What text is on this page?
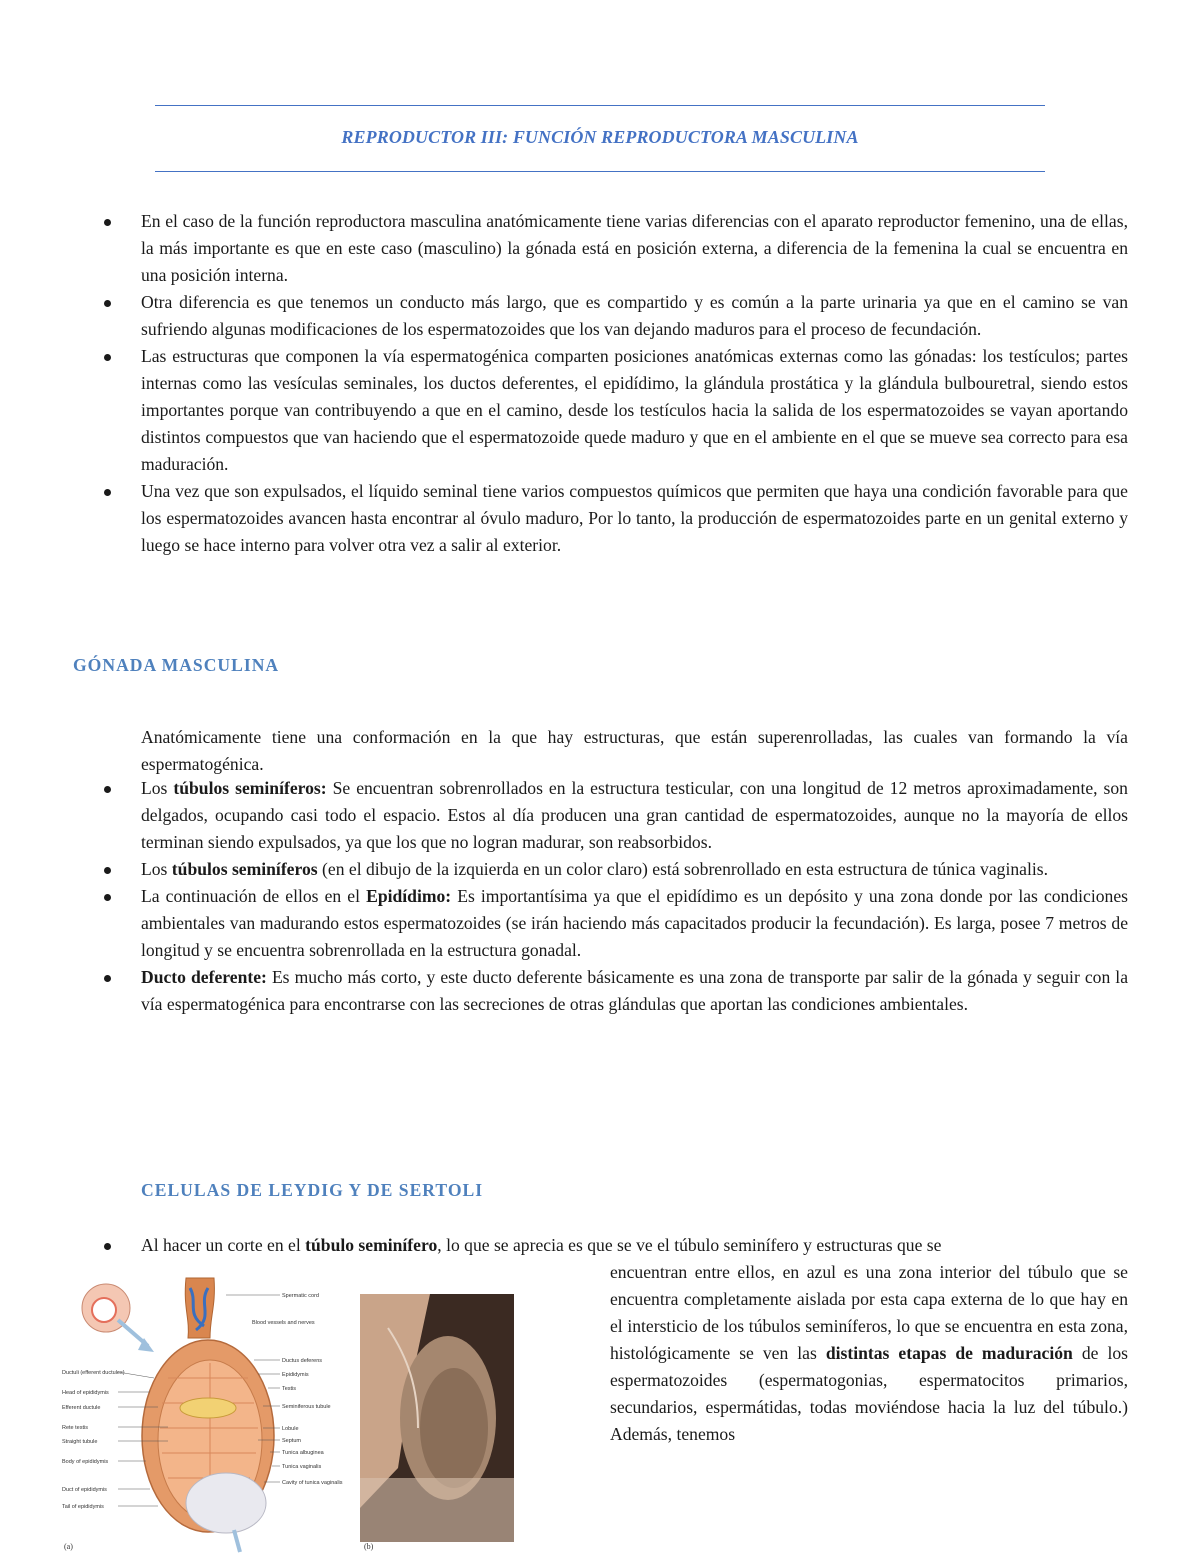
REPRODUCTOR III: FUNCIÓN REPRODUCTORA MASCULINA
En el caso de la función reproductora masculina anatómicamente tiene varias diferencias con el aparato reproductor femenino, una de ellas, la más importante es que en este caso (masculino) la gónada está en posición externa, a diferencia de la femenina la cual se encuentra en una posición interna.
Otra diferencia es que tenemos un conducto más largo, que es compartido y es común a la parte urinaria ya que en el camino se van sufriendo algunas modificaciones de los espermatozoides que los van dejando maduros para el proceso de fecundación.
Las estructuras que componen la vía espermatogénica comparten posiciones anatómicas externas como las gónadas: los testículos; partes internas como las vesículas seminales, los ductos deferentes, el epidídimo, la glándula prostática y la glándula bulbouretral, siendo estos importantes porque van contribuyendo a que en el camino, desde los testículos hacia la salida de los espermatozoides se vayan aportando distintos compuestos que van haciendo que el espermatozoide quede maduro y que en el ambiente en el que se mueve sea correcto para esa maduración.
Una vez que son expulsados, el líquido seminal tiene varios compuestos químicos que permiten que haya una condición favorable para que los espermatozoides avancen hasta encontrar al óvulo maduro, Por lo tanto, la producción de espermatozoides parte en un genital externo y luego se hace interno para volver otra vez a salir al exterior.
GÓNADA MASCULINA
Anatómicamente tiene una conformación en la que hay estructuras, que están superenrolladas, las cuales van formando la vía espermatogénica.
Los túbulos seminíferos: Se encuentran sobrenrollados en la estructura testicular, con una longitud de 12 metros aproximadamente, son delgados, ocupando casi todo el espacio. Estos al día producen una gran cantidad de espermatozoides, aunque no la mayoría de ellos terminan siendo expulsados, ya que los que no logran madurar, son reabsorbidos.
Los túbulos seminíferos (en el dibujo de la izquierda en un color claro) está sobrenrollado en esta estructura de túnica vaginalis.
La continuación de ellos en el Epidídimo: Es importantísima ya que el epidídimo es un depósito y una zona donde por las condiciones ambientales van madurando estos espermatozoides (se irán haciendo más capacitados producir la fecundación). Es larga, posee 7 metros de longitud y se encuentra sobrenrollada en la estructura gonadal.
Ducto deferente: Es mucho más corto, y este ducto deferente básicamente es una zona de transporte par salir de la gónada y seguir con la vía espermatogénica para encontrarse con las secreciones de otras glándulas que aportan las condiciones ambientales.
CELULAS DE LEYDIG Y DE SERTOLI
Al hacer un corte en el túbulo seminífero, lo que se aprecia es que se ve el túbulo seminífero y estructuras que se
encuentran entre ellos, en azul es una zona interior del túbulo que se encuentra completamente aislada por esta capa externa de lo que hay en el intersticio de los túbulos seminíferos, lo que se encuentra en esta zona, histológicamente se ven las distintas etapas de maduración de los espermatozoides (espermatogonias, espermatocitos primarios, secundarios, espermátidas, todas moviéndose hacia la luz del túbulo.) Además, tenemos
(a)
Spermatic cord
Blood vessels and nerves
Ductus deferens
Epididymis
Testis
Seminiferous tubule
Lobule
Septum
Tunica albuginea
Tunica vaginalis
Cavity of tunica vaginalis
Ductuli (efferent ductules)
Head of epididymis
Efferent ductule
Rete testis
Straight tubule
Body of epididymis
Duct of epididymis
Tail of epididymis
(b)
